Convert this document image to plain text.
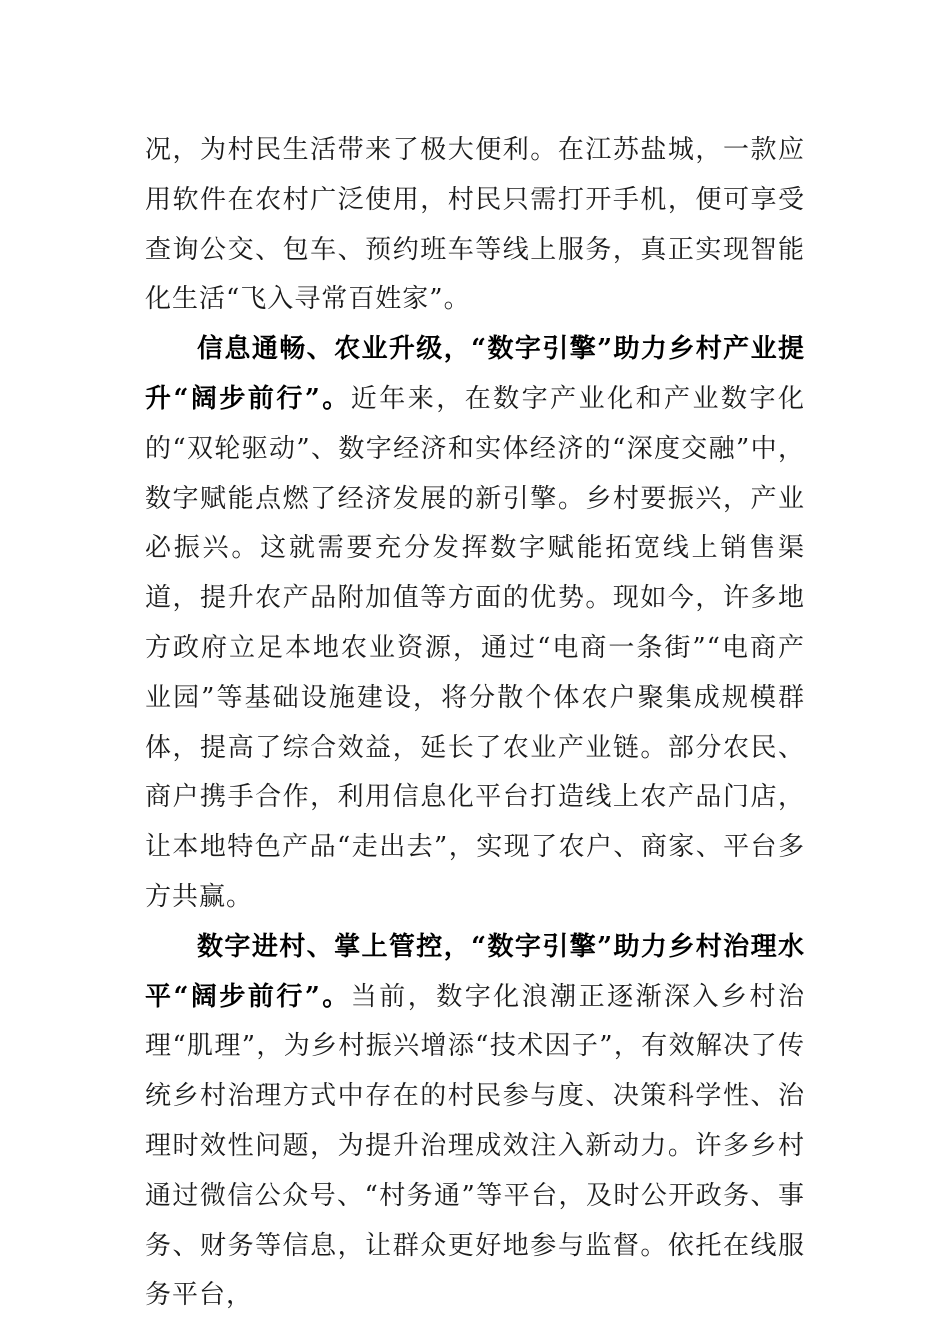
况，为村民生活带来了极大便利。在江苏盐城，一款应用软件在农村广泛使用，村民只需打开手机，便可享受查询公交、包车、预约班车等线上服务，真正实现智能化生活“飞入寻常百姓家”。

信息通畅、农业升级，“数字引擎”助力乡村产业提升“阔步前行”。近年来，在数字产业化和产业数字化的“双轮驱动”、数字经济和实体经济的“深度交融”中，数字赋能点燃了经济发展的新引擎。乡村要振兴，产业必振兴。这就需要充分发挥数字赋能拓宽线上销售渠道，提升农产品附加值等方面的优势。现如今，许多地方政府立足本地农业资源，通过“电商一条街”“电商产业园”等基础设施建设，将分散个体农户聚集成规模群体，提高了综合效益，延长了农业产业链。部分农民、商户携手合作，利用信息化平台打造线上农产品门店，让本地特色产品“走出去”，实现了农户、商家、平台多方共赢。

数字进村、掌上管控，“数字引擎”助力乡村治理水平“阔步前行”。当前，数字化浪潮正逐渐深入乡村治理“肌理”，为乡村振兴增添“技术因子”，有效解决了传统乡村治理方式中存在的村民参与度、决策科学性、治理时效性问题，为提升治理成效注入新动力。许多乡村通过微信公众号、“村务通”等平台，及时公开政务、事务、财务等信息，让群众更好地参与监督。依托在线服务平台，
